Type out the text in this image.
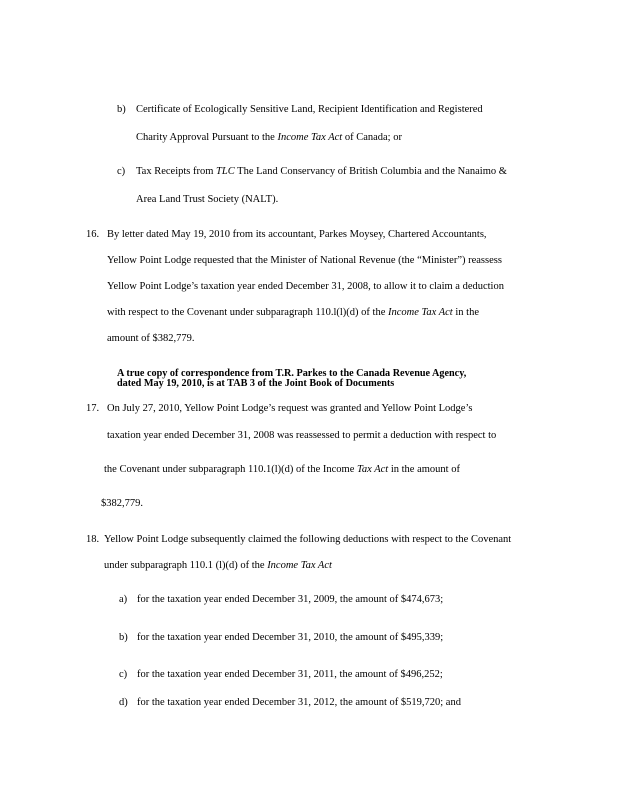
b) Certificate of Ecologically Sensitive Land, Recipient Identification and Registered
Charity Approval Pursuant to the Income Tax Act of Canada; or
c) Tax Receipts from TLC The Land Conservancy of British Columbia and the Nanaimo &
Area Land Trust Society (NALT).
16. By letter dated May 19, 2010 from its accountant, Parkes Moysey, Chartered Accountants,
Yellow Point Lodge requested that the Minister of National Revenue (the “Minister”) reassess
Yellow Point Lodge’s taxation year ended December 31, 2008, to allow it to claim a deduction
with respect to the Covenant under subparagraph 110.l(l)(d) of the Income Tax Act in the
amount of $382,779.
A true copy of correspondence from T.R. Parkes to the Canada Revenue Agency,
dated May 19, 2010, is at TAB 3 of the Joint Book of Documents
17. On July 27, 2010, Yellow Point Lodge’s request was granted and Yellow Point Lodge’s
taxation year ended December 31, 2008 was reassessed to permit a deduction with respect to
the Covenant under subparagraph 110.1(l)(d) of the Income Tax Act in the amount of
$382,779.
18. Yellow Point Lodge subsequently claimed the following deductions with respect to the Covenant
under subparagraph 110.1 (l)(d) of the Income Tax Act
a) for the taxation year ended December 31, 2009, the amount of $474,673;
b) for the taxation year ended December 31, 2010, the amount of $495,339;
c) for the taxation year ended December 31, 2011, the amount of $496,252;
d) for the taxation year ended December 31, 2012, the amount of $519,720; and
